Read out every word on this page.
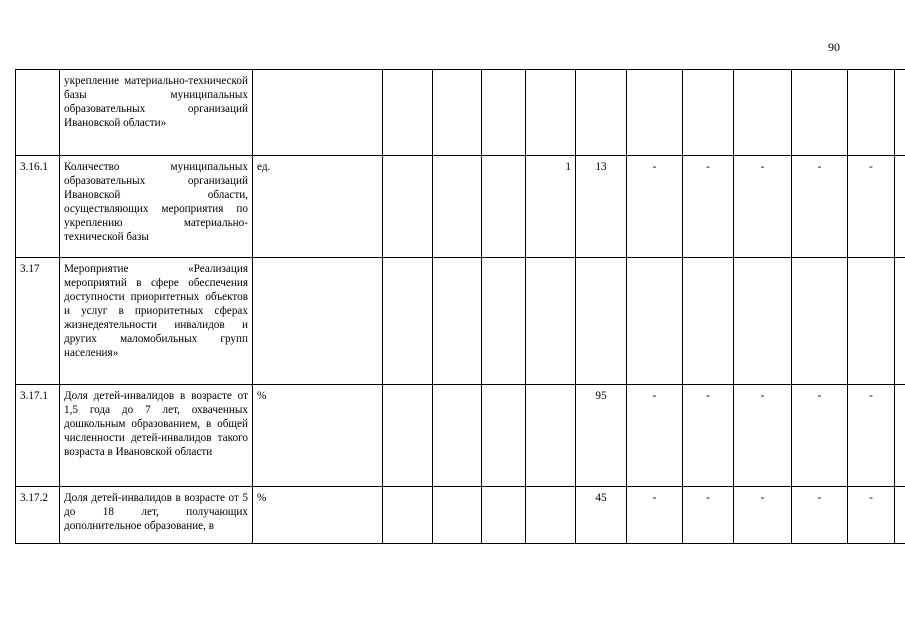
90
	укрепление материально-технической базы муниципальных образовательных организаций Ивановской области»												
3.16.1	Количество муниципальных образовательных организаций Ивановской области, осуществляющих мероприятия по укреплению материально-технической базы	ед.				1	13	-	-	-	-	-	
3.17	Мероприятие «Реализация мероприятий в сфере обеспечения доступности приоритетных объектов и услуг в приоритетных сферах жизнедеятельности инвалидов и других маломобильных групп населения»												
3.17.1	Доля детей-инвалидов в возрасте от 1,5 года до 7 лет, охваченных дошкольным образованием, в общей численности детей-инвалидов такого возраста в Ивановской области	%					95	-	-	-	-	-	
3.17.2	Доля детей-инвалидов в возрасте от 5 до 18 лет, получающих дополнительное образование, в	%					45	-	-	-	-	-	
